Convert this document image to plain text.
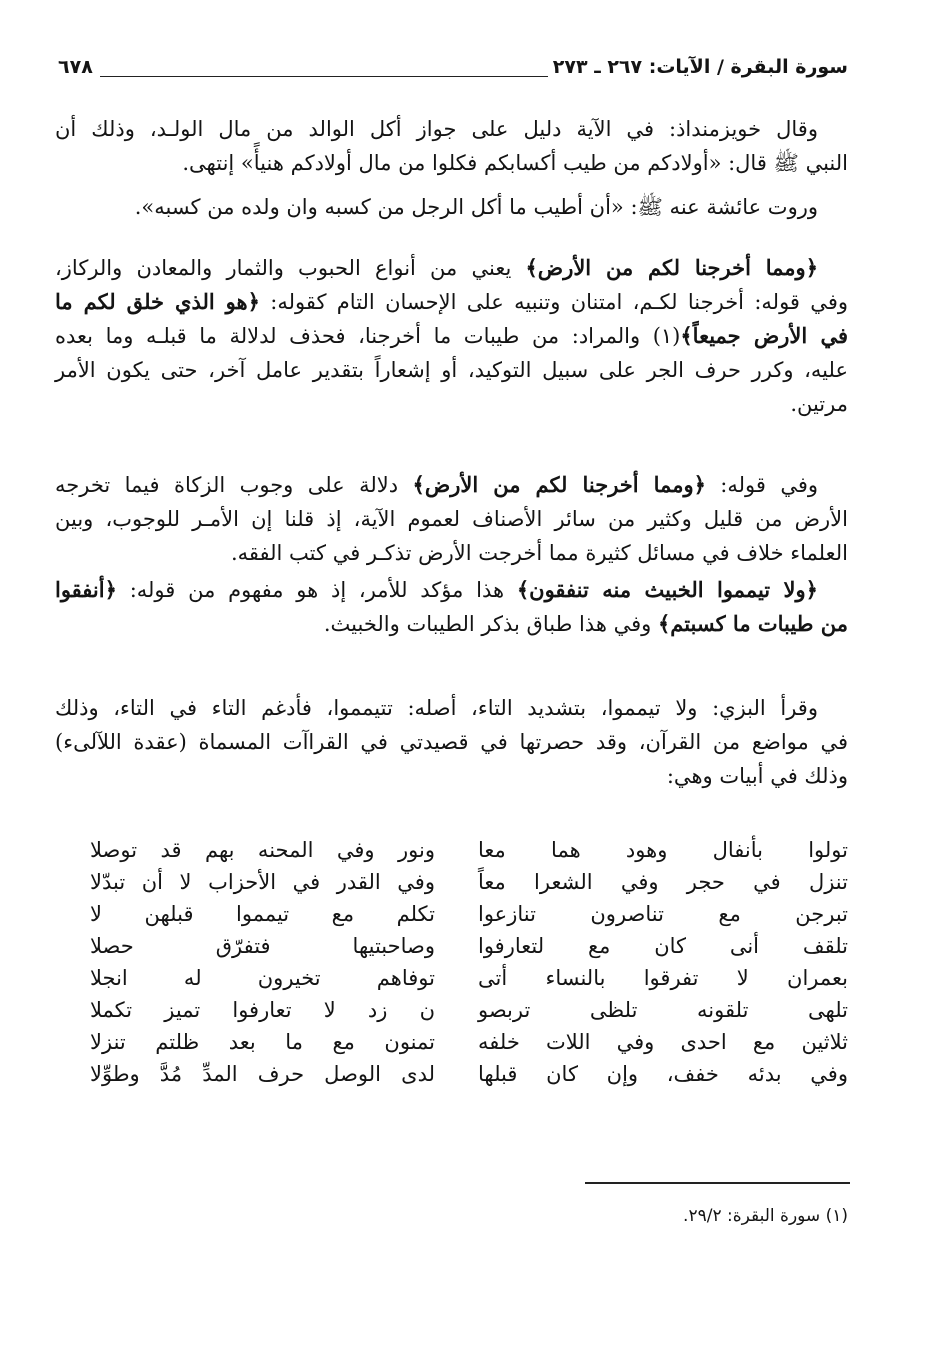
سورة البقرة / الآيات: ٢٦٧ ـ ٢٧٣
٦٧٨
وقال خويزمنداذ: في الآية دليل على جواز أكل الوالد من مال الولـد، وذلك أن
النبي ﷺ قال: «أولادكم من طيب أكسابكم فكلوا من مال أولادكم هنيأً» إنتهى.
وروت عائشة عنه ﷺ: «أن أطيب ما أكل الرجل من كسبه وان ولده من كسبه».
﴿ومما أخرجنا لكم من الأرض﴾ يعني من أنواع الحبوب والثمار والمعادن والركاز،
وفي قوله: أخرجنا لكـم، امتنان وتنبيه على الإحسان التام كقوله: ﴿هو الذي خلق لكم ما
في الأرض جميعاً﴾(١) والمراد: من طيبات ما أخرجنا، فحذف لدلالة ما قبلـه وما بعده
عليه، وكرر حرف الجر على سبيل التوكيد، أو إشعاراً بتقدير عامل آخر، حتى يكون الأمر
مرتين.
وفي قوله: ﴿ومما أخرجنا لكم من الأرض﴾ دلالة على وجوب الزكاة فيما تخرجه
الأرض من قليل وكثير من سائر الأصناف لعموم الآية، إذ قلنا إن الأمـر للوجوب، وبين
العلماء خلاف في مسائل كثيرة مما أخرجت الأرض تذكـر في كتب الفقه.
﴿ولا تيمموا الخبيث منه تنفقون﴾ هذا مؤكد للأمر، إذ هو مفهوم من قوله: ﴿أنفقوا
من طيبات ما كسبتم﴾ وفي هذا طباق بذكر الطيبات والخبيث.
وقرأ البزي: ولا تيمموا، بتشديد التاء، أصله: تتيمموا، فأدغم التاء في التاء، وذلك
في مواضع من القرآن، وقد حصرتها في قصيدتي في القراآت المسماة (عقدة اللآلىء)
وذلك في أبيات وهي:
تولوا بأنفال وهود هما معا
ونور وفي المحنه بهم قد توصلا
تنزل في حجر وفي الشعرا معاً
وفي القدر في الأحزاب لا أن تبدّلا
تبرجن مع تناصرون تنازعوا
تكلم مع تيمموا قبلهن لا
تلقف أنى كان مع لتعارفوا
وصاحبتيها فتفرّق حصلا
بعمران لا تفرقوا بالنساء أتى
توفاهم تخيرون له انجلا
تلهى تلقونه تلظى تربصو
ن زد لا تعارفوا تميز تكملا
ثلاثين مع احدى وفي اللات خلفه
تمنون مع ما بعد ظلتم تنزلا
وفي بدئه خفف، وإن كان قبلها
لدى الوصل حرف المدِّ مُدَّ وطوِّلا
(١) سورة البقرة: ٢٩/٢.
